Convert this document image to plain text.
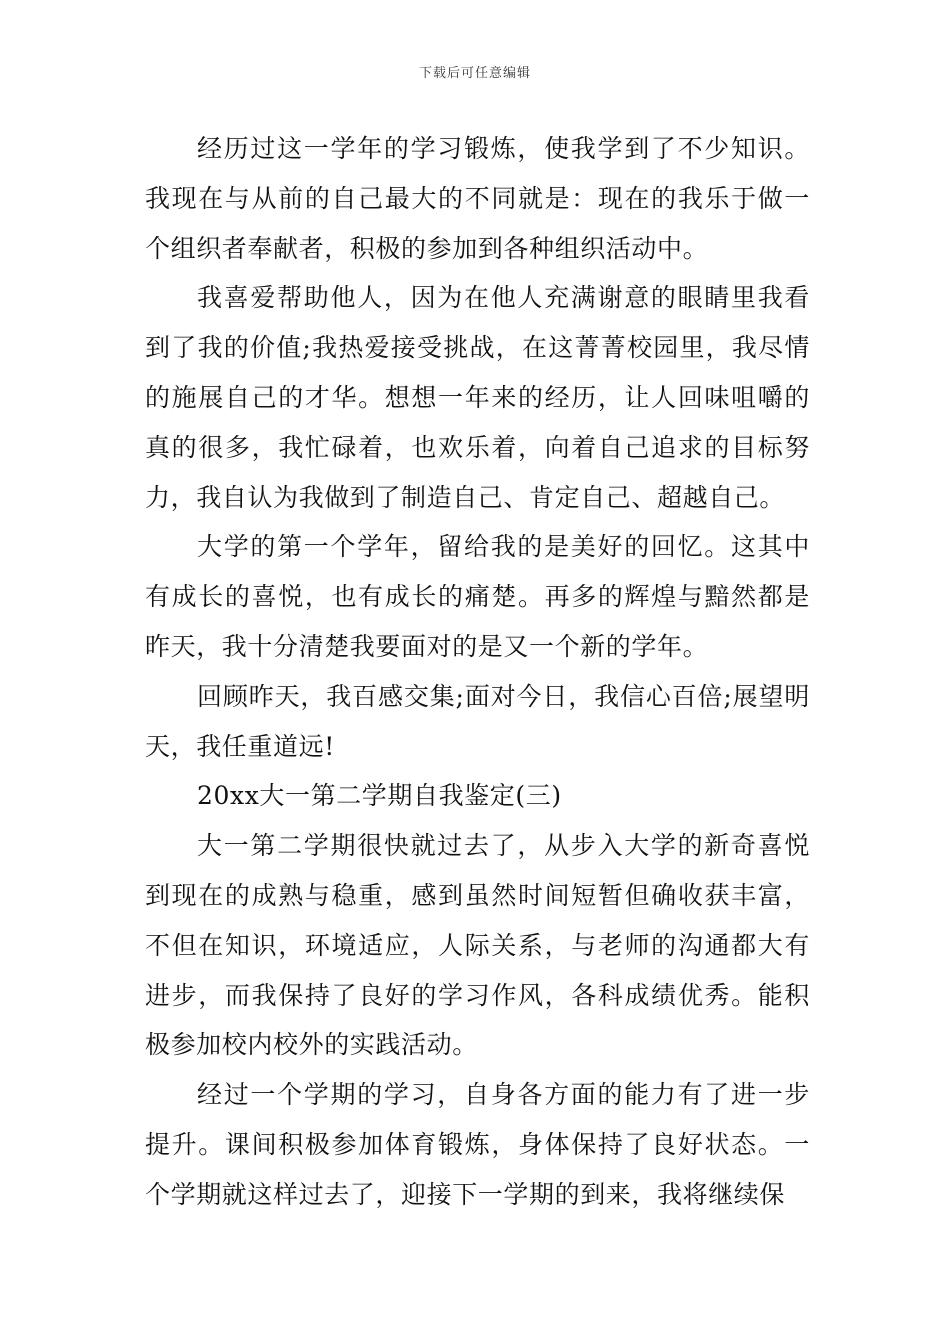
下载后可任意编辑

经历过这一学年的学习锻炼，使我学到了不少知识。我现在与从前的自己最大的不同就是：现在的我乐于做一个组织者奉献者，积极的参加到各种组织活动中。

我喜爱帮助他人，因为在他人充满谢意的眼睛里我看到了我的价值;我热爱接受挑战，在这菁菁校园里，我尽情的施展自己的才华。想想一年来的经历，让人回味咀嚼的真的很多，我忙碌着，也欢乐着，向着自己追求的目标努力，我自认为我做到了制造自己、肯定自己、超越自己。

大学的第一个学年，留给我的是美好的回忆。这其中有成长的喜悦，也有成长的痛楚。再多的辉煌与黯然都是昨天，我十分清楚我要面对的是又一个新的学年。

回顾昨天，我百感交集;面对今日，我信心百倍;展望明天，我任重道远!

20xx大一第二学期自我鉴定(三)

大一第二学期很快就过去了，从步入大学的新奇喜悦到现在的成熟与稳重，感到虽然时间短暂但确收获丰富，不但在知识，环境适应，人际关系，与老师的沟通都大有进步，而我保持了良好的学习作风，各科成绩优秀。能积极参加校内校外的实践活动。

经过一个学期的学习，自身各方面的能力有了进一步提升。课间积极参加体育锻炼，身体保持了良好状态。一个学期就这样过去了，迎接下一学期的到来，我将继续保
